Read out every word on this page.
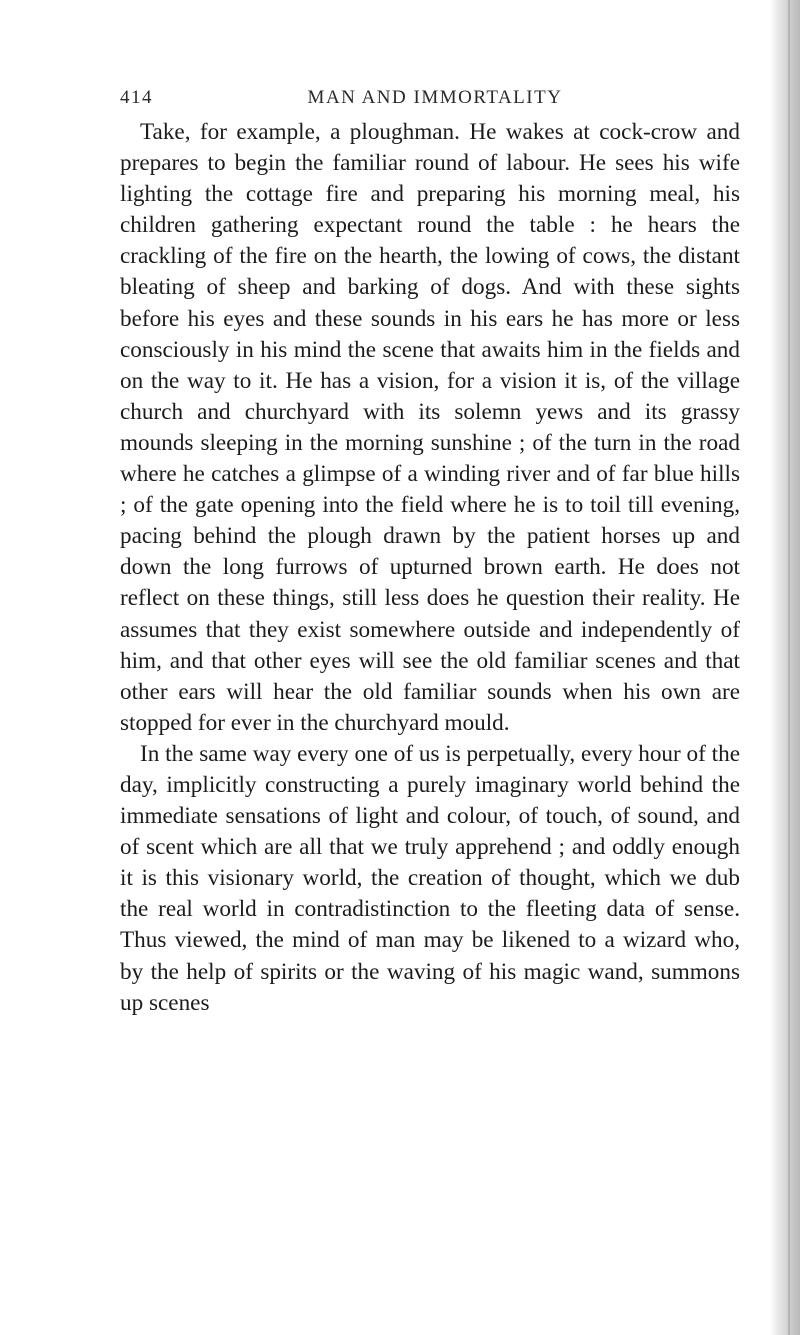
414	MAN AND IMMORTALITY

Take, for example, a ploughman. He wakes at cock-crow and prepares to begin the familiar round of labour. He sees his wife lighting the cottage fire and preparing his morning meal, his children gathering expectant round the table : he hears the crackling of the fire on the hearth, the lowing of cows, the distant bleating of sheep and barking of dogs. And with these sights before his eyes and these sounds in his ears he has more or less consciously in his mind the scene that awaits him in the fields and on the way to it. He has a vision, for a vision it is, of the village church and churchyard with its solemn yews and its grassy mounds sleeping in the morning sunshine ; of the turn in the road where he catches a glimpse of a winding river and of far blue hills ; of the gate opening into the field where he is to toil till evening, pacing behind the plough drawn by the patient horses up and down the long furrows of upturned brown earth. He does not reflect on these things, still less does he question their reality. He assumes that they exist somewhere outside and independently of him, and that other eyes will see the old familiar scenes and that other ears will hear the old familiar sounds when his own are stopped for ever in the churchyard mould.

In the same way every one of us is perpetually, every hour of the day, implicitly constructing a purely imaginary world behind the immediate sensations of light and colour, of touch, of sound, and of scent which are all that we truly apprehend ; and oddly enough it is this visionary world, the creation of thought, which we dub the real world in contradistinction to the fleeting data of sense. Thus viewed, the mind of man may be likened to a wizard who, by the help of spirits or the waving of his magic wand, summons up scenes
